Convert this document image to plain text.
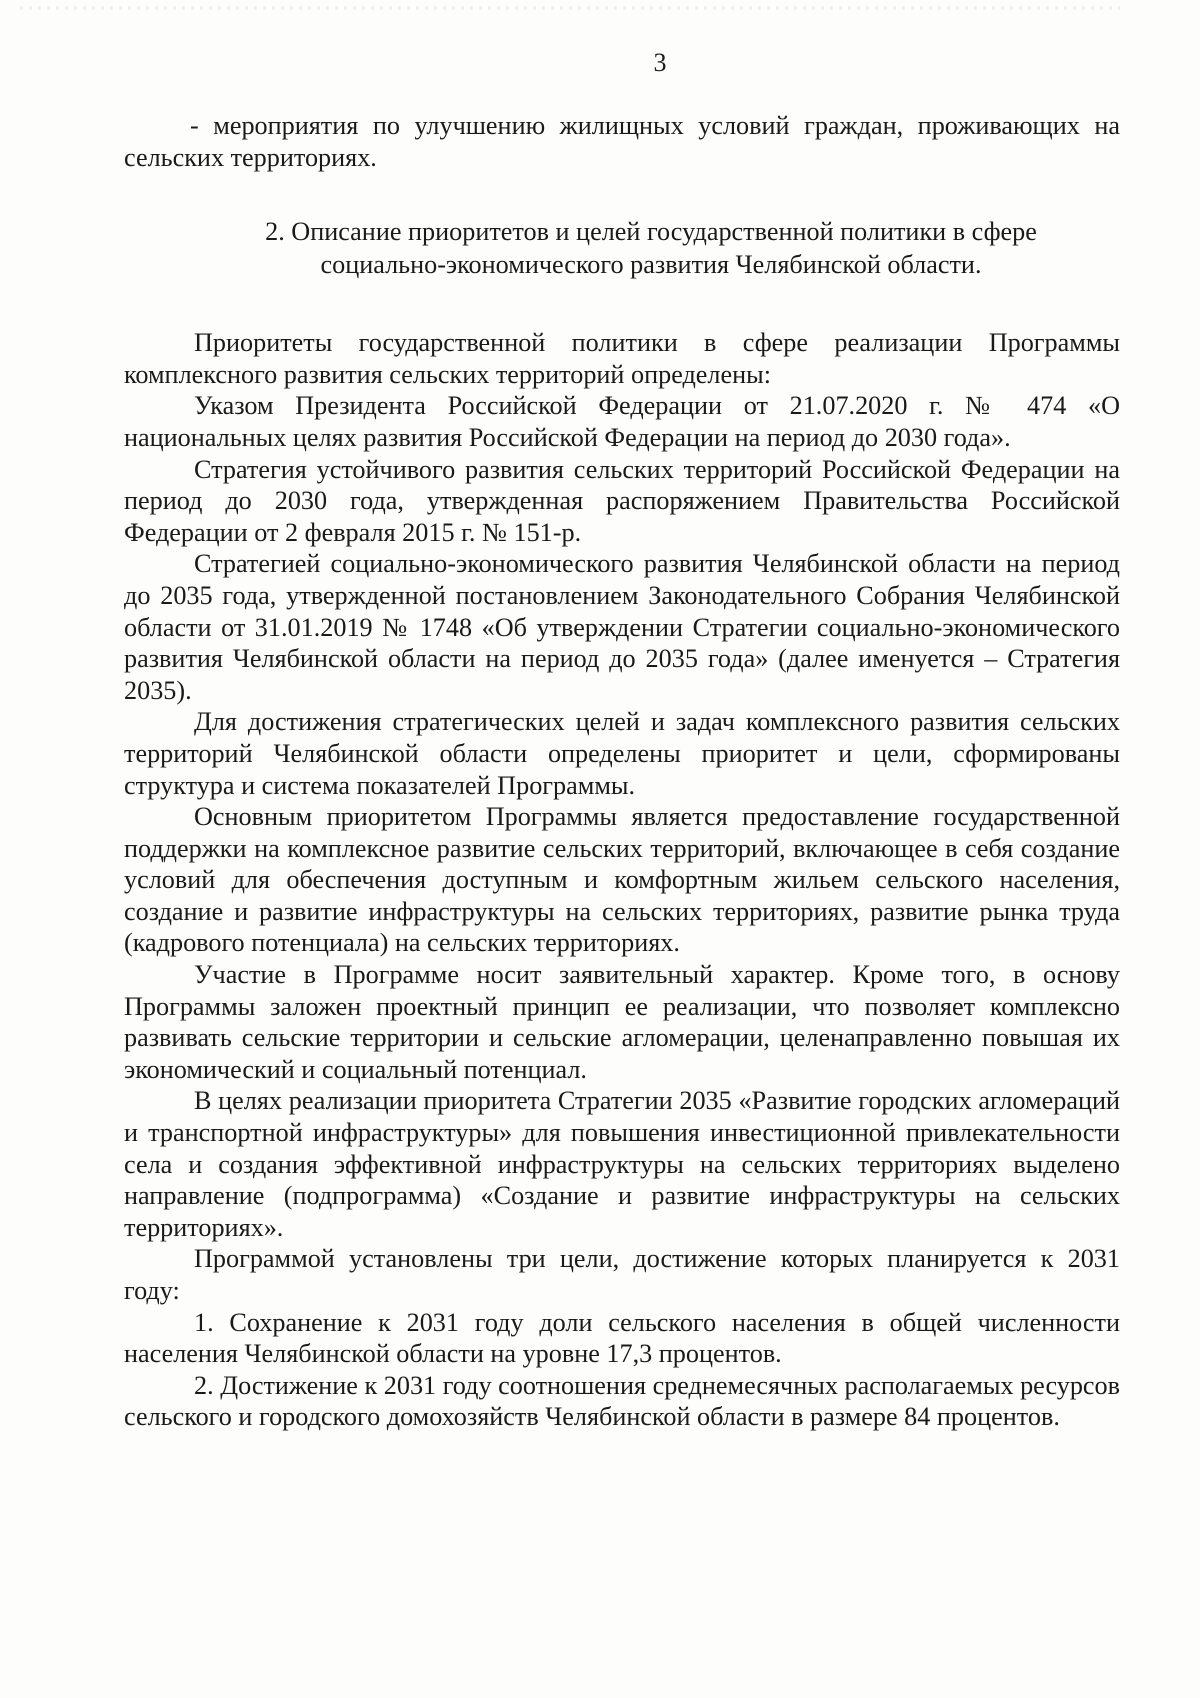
3

- мероприятия по улучшению жилищных условий граждан, проживающих на сельских территориях.

2. Описание приоритетов и целей государственной политики в сфере
социально-экономического развития Челябинской области.

Приоритеты государственной политики в сфере реализации Программы комплексного развития сельских территорий определены:

Указом Президента Российской Федерации от 21.07.2020 г. № 474 «О национальных целях развития Российской Федерации на период до 2030 года».

Стратегия устойчивого развития сельских территорий Российской Федерации на период до 2030 года, утвержденная распоряжением Правительства Российской Федерации от 2 февраля 2015 г. № 151-р.

Стратегией социально-экономического развития Челябинской области на период до 2035 года, утвержденной постановлением Законодательного Собрания Челябинской области от 31.01.2019 № 1748 «Об утверждении Стратегии социально-экономического развития Челябинской области на период до 2035 года» (далее именуется – Стратегия 2035).

Для достижения стратегических целей и задач комплексного развития сельских территорий Челябинской области определены приоритет и цели, сформированы структура и система показателей Программы.

Основным приоритетом Программы является предоставление государственной поддержки на комплексное развитие сельских территорий, включающее в себя создание условий для обеспечения доступным и комфортным жильем сельского населения, создание и развитие инфраструктуры на сельских территориях, развитие рынка труда (кадрового потенциала) на сельских территориях.

Участие в Программе носит заявительный характер. Кроме того, в основу Программы заложен проектный принцип ее реализации, что позволяет комплексно развивать сельские территории и сельские агломерации, целенаправленно повышая их экономический и социальный потенциал.

В целях реализации приоритета Стратегии 2035 «Развитие городских агломераций и транспортной инфраструктуры» для повышения инвестиционной привлекательности села и создания эффективной инфраструктуры на сельских территориях выделено направление (подпрограмма) «Создание и развитие инфраструктуры на сельских территориях».

Программой установлены три цели, достижение которых планируется к 2031 году:

1. Сохранение к 2031 году доли сельского населения в общей численности населения Челябинской области на уровне 17,3 процентов.

2. Достижение к 2031 году соотношения среднемесячных располагаемых ресурсов сельского и городского домохозяйств Челябинской области в размере 84 процентов.
